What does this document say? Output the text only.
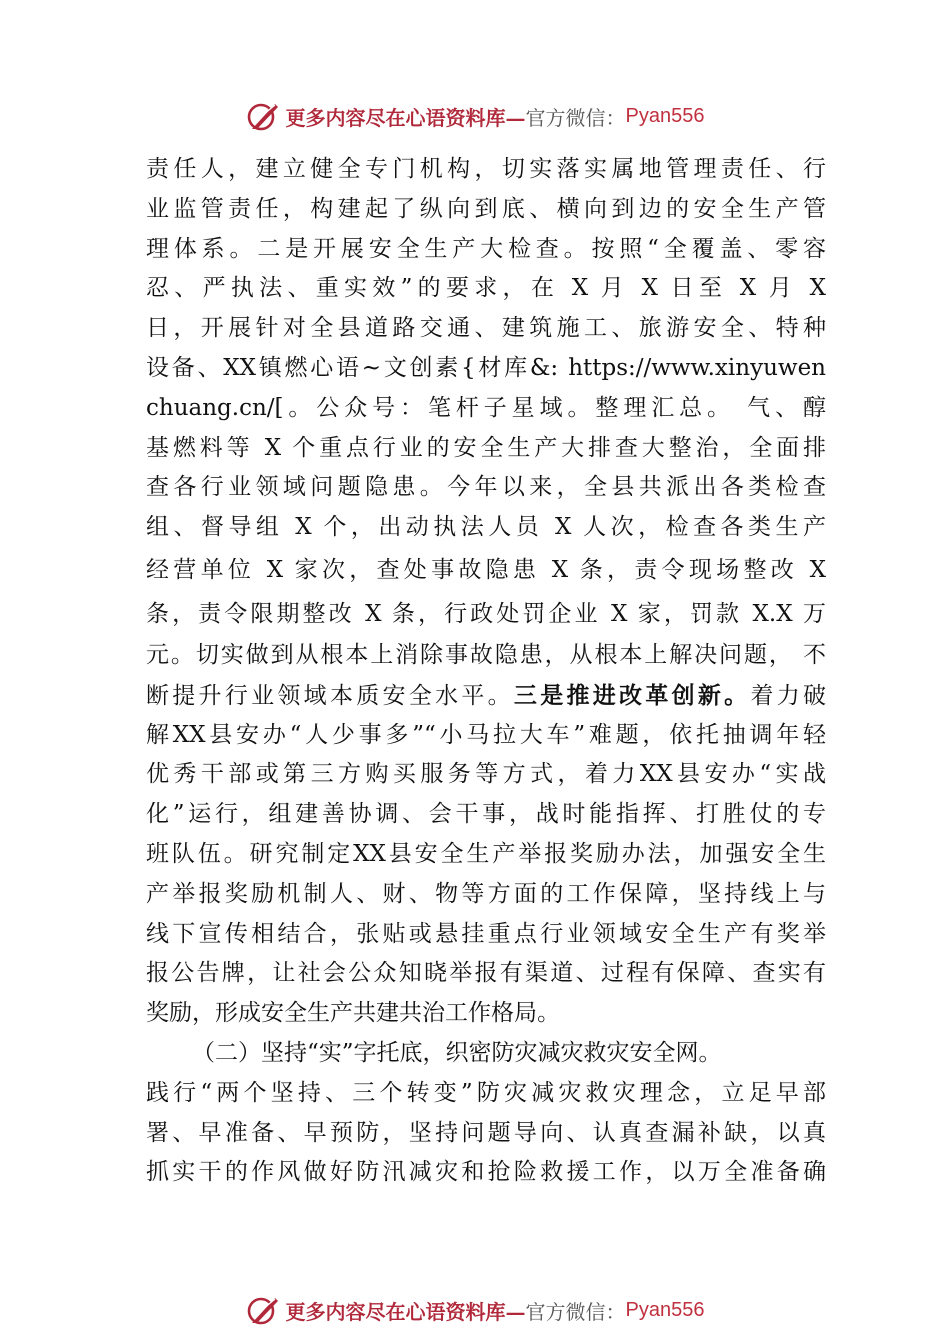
更多内容尽在心语资料库— 官方微信： Pyan556
责任人，建立健全专门机构，切实落实属地管理责任、行
业监管责任，构建起了纵向到底、横向到边的安全生产管
理体系。二是开展安全生产大检查。按照“全覆盖、零容
忍、严执法、重实效”的要求，在 X 月 X 日至 X 月 X
日，开展针对全县道路交通、建筑施工、旅游安全、特种
设备、XX镇燃心语~文创素{材库&: https://www.xinyuwen
chuang.cn/[。公众号：笔杆子星域。整理汇总。 气、醇
基燃料等 X 个重点行业的安全生产大排查大整治，全面排
查各行业领域问题隐患。今年以来，全县共派出各类检查
组、督导组 X 个，出动执法人员 X 人次，检查各类生产
经营单位 X 家次，查处事故隐患 X 条，责令现场整改 X
条，责令限期整改 X 条，行政处罚企业 X 家，罚款 X.X 万
元。切实做到从根本上消除事故隐患，从根本上解决问题， 不
断提升行业领域本质安全水平。三是推进改革创新。着力破
解XX县安办“人少事多”“小马拉大车”难题，依托抽调年轻
优秀干部或第三方购买服务等方式，着力XX县安办“实战
化”运行，组建善协调、会干事，战时能指挥、打胜仗的专
班队伍。研究制定XX县安全生产举报奖励办法，加强安全生
产举报奖励机制人、财、物等方面的工作保障，坚持线上与
线下宣传相结合，张贴或悬挂重点行业领域安全生产有奖举
报公告牌，让社会公众知晓举报有渠道、过程有保障、查实有
奖励，形成安全生产共建共治工作格局。
（二）坚持“实”字托底，织密防灾减灾救灾安全网。
践行“两个坚持、三个转变”防灾减灾救灾理念，立足早部
署、早准备、早预防，坚持问题导向、认真查漏补缺，以真
抓实干的作风做好防汛减灾和抢险救援工作，以万全准备确
更多内容尽在心语资料库— 官方微信： Pyan556
